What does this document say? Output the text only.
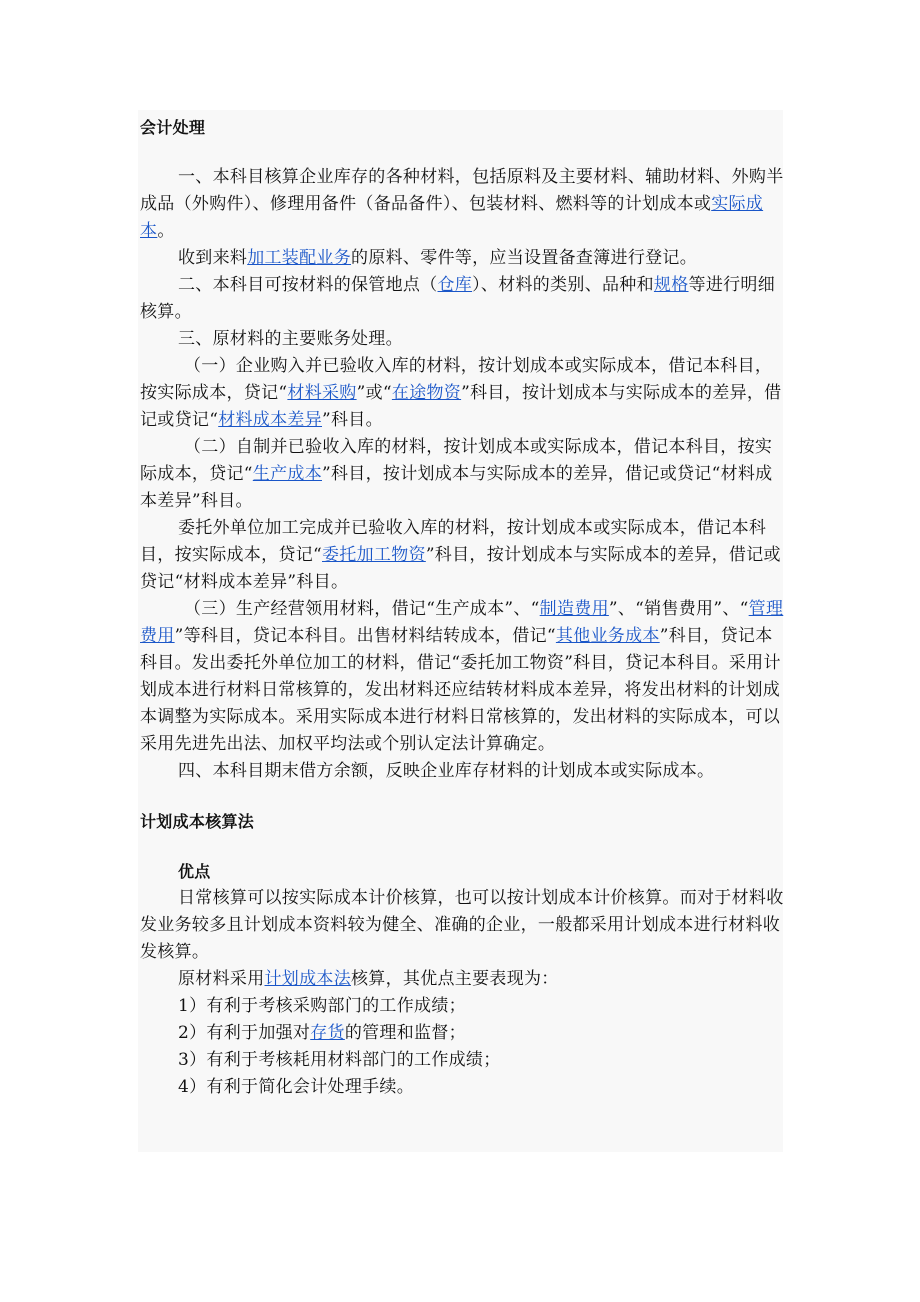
会计处理

一、本科目核算企业库存的各种材料，包括原料及主要材料、辅助材料、外购半成品（外购件）、修理用备件（备品备件）、包装材料、燃料等的计划成本或实际成本。

收到来料加工装配业务的原料、零件等，应当设置备查簿进行登记。

二、本科目可按材料的保管地点（仓库）、材料的类别、品种和规格等进行明细核算。

三、原材料的主要账务处理。

（一）企业购入并已验收入库的材料，按计划成本或实际成本，借记本科目，按实际成本，贷记“材料采购”或“在途物资”科目，按计划成本与实际成本的差异，借记或贷记“材料成本差异”科目。

（二）自制并已验收入库的材料，按计划成本或实际成本，借记本科目，按实际成本，贷记“生产成本”科目，按计划成本与实际成本的差异，借记或贷记“材料成本差异”科目。

委托外单位加工完成并已验收入库的材料，按计划成本或实际成本，借记本科目，按实际成本，贷记“委托加工物资”科目，按计划成本与实际成本的差异，借记或贷记“材料成本差异”科目。

（三）生产经营领用材料，借记“生产成本”、“制造费用”、“销售费用”、“管理费用”等科目，贷记本科目。出售材料结转成本，借记“其他业务成本”科目，贷记本科目。发出委托外单位加工的材料，借记“委托加工物资”科目，贷记本科目。采用计划成本进行材料日常核算的，发出材料还应结转材料成本差异，将发出材料的计划成本调整为实际成本。采用实际成本进行材料日常核算的，发出材料的实际成本，可以采用先进先出法、加权平均法或个别认定法计算确定。

四、本科目期末借方余额，反映企业库存材料的计划成本或实际成本。

计划成本核算法
优点

日常核算可以按实际成本计价核算，也可以按计划成本计价核算。而对于材料收发业务较多且计划成本资料较为健全、准确的企业，一般都采用计划成本进行材料收发核算。

原材料采用计划成本法核算，其优点主要表现为：

1）有利于考核采购部门的工作成绩；

2）有利于加强对存货的管理和监督；

3）有利于考核耗用材料部门的工作成绩；

4）有利于简化会计处理手续。
